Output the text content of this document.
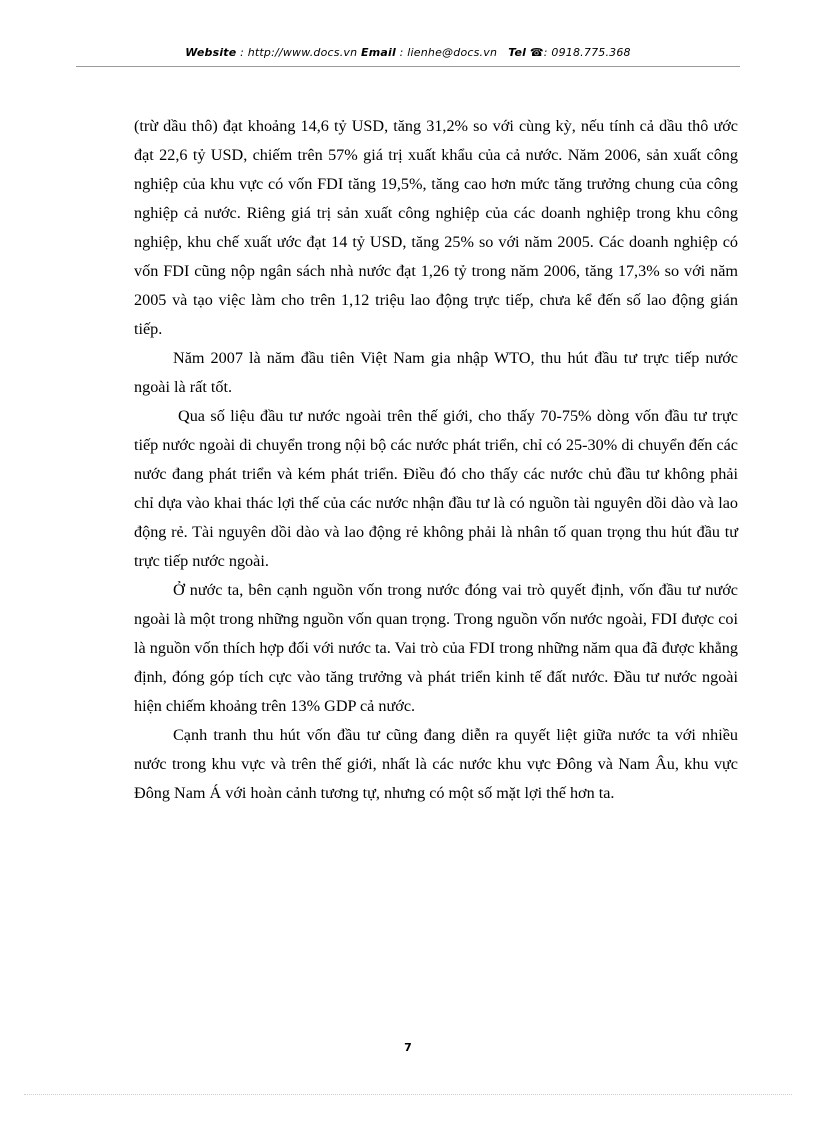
Website : http://www.docs.vn Email : lienhe@docs.vn Tel ☎: 0918.775.368

(trừ dầu thô) đạt khoảng 14,6 tỷ USD, tăng 31,2% so với cùng kỳ, nếu tính cả dầu thô ước đạt 22,6 tỷ USD, chiếm trên 57% giá trị xuất khẩu của cả nước. Năm 2006, sản xuất công nghiệp của khu vực có vốn FDI tăng 19,5%, tăng cao hơn mức tăng trưởng chung của công nghiệp cả nước. Riêng giá trị sản xuất công nghiệp của các doanh nghiệp trong khu công nghiệp, khu chế xuất ước đạt 14 tỷ USD, tăng 25% so với năm 2005. Các doanh nghiệp có vốn FDI cũng nộp ngân sách nhà nước đạt 1,26 tỷ trong năm 2006, tăng 17,3% so với năm 2005 và tạo việc làm cho trên 1,12 triệu lao động trực tiếp, chưa kể đến số lao động gián tiếp.

Năm 2007 là năm đầu tiên Việt Nam gia nhập WTO, thu hút đầu tư trực tiếp nước ngoài là rất tốt.

Qua số liệu đầu tư nước ngoài trên thế giới, cho thấy 70-75% dòng vốn đầu tư trực tiếp nước ngoài di chuyển trong nội bộ các nước phát triển, chỉ có 25-30% di chuyển đến các nước đang phát triển và kém phát triển. Điều đó cho thấy các nước chủ đầu tư không phải chỉ dựa vào khai thác lợi thế của các nước nhận đầu tư là có nguồn tài nguyên dồi dào và lao động rẻ. Tài nguyên dồi dào và lao động rẻ không phải là nhân tố quan trọng thu hút đầu tư trực tiếp nước ngoài.

Ở nước ta, bên cạnh nguồn vốn trong nước đóng vai trò quyết định, vốn đầu tư nước ngoài là một trong những nguồn vốn quan trọng. Trong nguồn vốn nước ngoài, FDI được coi là nguồn vốn thích hợp đối với nước ta. Vai trò của FDI trong những năm qua đã được khẳng định, đóng góp tích cực vào tăng trưởng và phát triển kinh tế đất nước. Đầu tư nước ngoài hiện chiếm khoảng trên 13% GDP cả nước.

Cạnh tranh thu hút vốn đầu tư cũng đang diễn ra quyết liệt giữa nước ta với nhiều nước trong khu vực và trên thế giới, nhất là các nước khu vực Đông và Nam Âu, khu vực Đông Nam Á với hoàn cảnh tương tự, nhưng có một số mặt lợi thế hơn ta.

7
